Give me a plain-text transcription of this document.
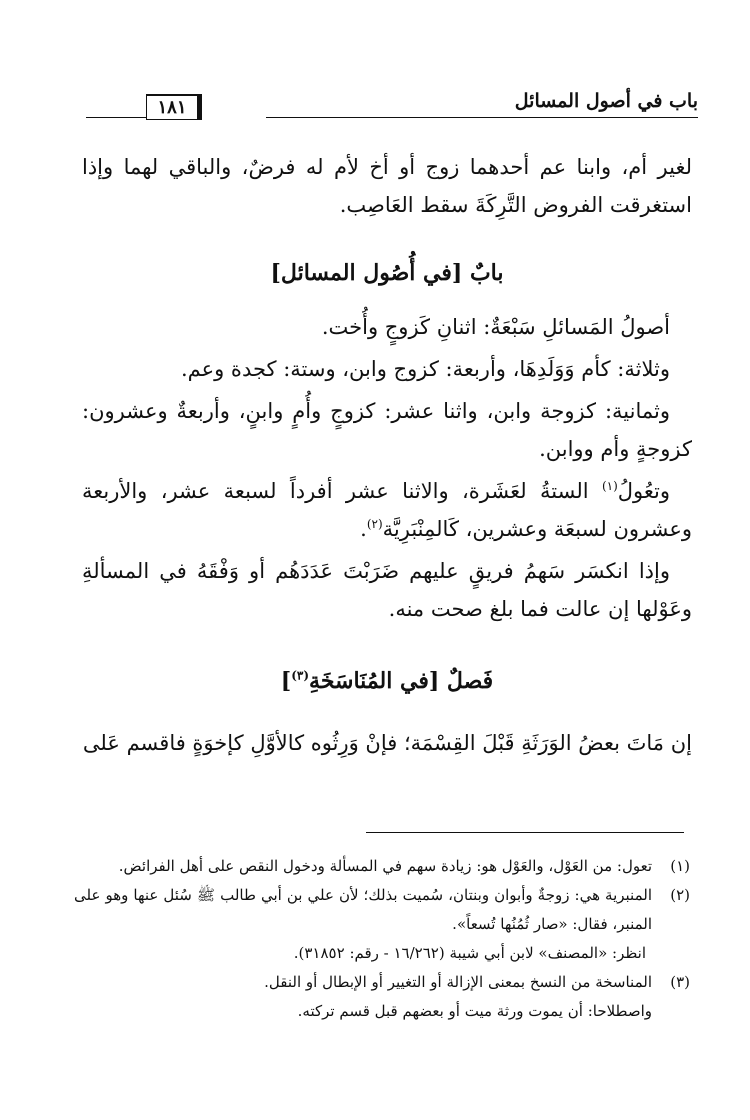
باب في أصول المسائل
١٨١

لغير أم، وابنا عم أحدهما زوج أو أخ لأم له فرضٌ، والباقي لهما وإذا استغرقت الفروض التَّرِكَةَ سقط العَاصِب.

بابٌ [في أُصُول المسائل]

أصولُ المَسائلِ سَبْعَةٌ: اثنانِ كَزوجٍ وأُخت.

وثلاثة: كأم وَوَلَدِهَا، وأربعة: كزوج وابن، وستة: كجدة وعم.

وثمانية: كزوجة وابن، واثنا عشر: كزوجٍ وأُمٍ وابنٍ، وأربعةٌ وعشرون: كزوجةٍ وأم ووابن.

وتعُولُ$^{(١)}$ الستةُ لعَشَرة، والاثنا عشر أفرداً لسبعة عشر، والأربعة وعشرون لسبعَة وعشرين، كَالمِنْبَرِيَّة$^{(٢)}$.

وإذا انكسَر سَهمُ فريقٍ عليهم ضَرَبْتَ عَدَدَهُم أو وَفْقَهُ في المسألةِ وعَوْلها إن عالت فما بلغ صحت منه.

فَصلٌ [في المُنَاسَخَةِ$^{(٣)}$]

إن مَاتَ بعضُ الوَرَثَةِ قَبْلَ القِسْمَة؛ فإنْ وَرِثُوه كالأوَّلِ كإخوَةٍ فاقسم عَلى

(١)
تعول: من العَوْل، والعَوْل هو: زيادة سهم في المسألة ودخول النقص على أهل الفرائض.
(٢)
المنبرية هي: زوجةٌ وأبوان وبنتان، سُميت بذلك؛ لأن علي بن أبي طالب ﷺ سُئل عنها وهو على المنبر، فقال: «صار ثُمُنُها تُسعاً».
انظر: «المصنف» لابن أبي شيبة (١٦/٢٦٢ - رقم: ٣١٨٥٢).
(٣)
المناسخة من النسخ بمعنى الإزالة أو التغيير أو الإبطال أو النقل.
واصطلاحا: أن يموت ورثة ميت أو بعضهم قبل قسم تركته.
